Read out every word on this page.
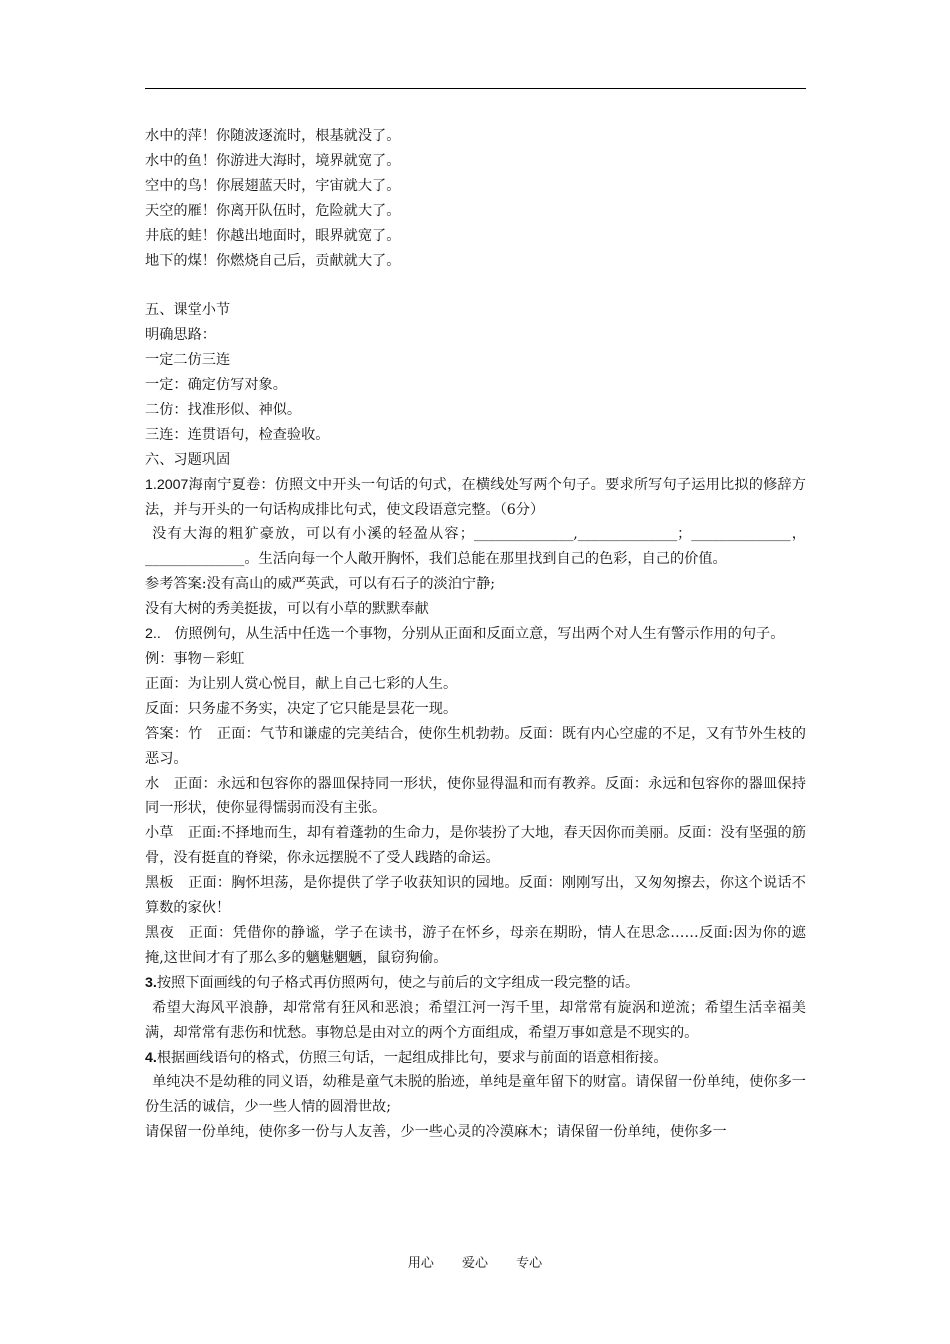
水中的萍！你随波逐流时，根基就没了。

水中的鱼！你游进大海时，境界就宽了。

空中的鸟！你展翅蓝天时，宇宙就大了。

天空的雁！你离开队伍时，危险就大了。

井底的蛙！你越出地面时，眼界就宽了。

地下的煤！你燃烧自己后，贡献就大了。

五、课堂小节

明确思路：

一定二仿三连

一定：确定仿写对象。

二仿：找准形似、神似。

三连：连贯语句，检查验收。

六、习题巩固

1.2007海南宁夏卷：仿照文中开头一句话的句式，在横线处写两个句子。要求所写句子运用比拟的修辞方法，并与开头的一句话构成排比句式，使文段语意完整。（6分）

没有大海的粗犷豪放，可以有小溪的轻盈从容；______________,______________；______________，______________。生活向每一个人敞开胸怀，我们总能在那里找到自己的色彩，自己的价值。

参考答案:没有高山的威严英武，可以有石子的淡泊宁静;

没有大树的秀美挺拔，可以有小草的默默奉献

2.. 仿照例句，从生活中任选一个事物，分别从正面和反面立意，写出两个对人生有警示作用的句子。

例：事物－彩虹

正面：为让别人赏心悦目，献上自己七彩的人生。

反面：只务虚不务实，决定了它只能是昙花一现。

答案：竹　正面：气节和谦虚的完美结合，使你生机勃勃。反面：既有内心空虚的不足，又有节外生枝的恶习。

水　正面：永远和包容你的器皿保持同一形状，使你显得温和而有教养。反面：永远和包容你的器皿保持同一形状，使你显得懦弱而没有主张。

小草　正面:不择地而生，却有着蓬勃的生命力，是你装扮了大地，春天因你而美丽。反面：没有坚强的筋骨，没有挺直的脊梁，你永远摆脱不了受人践踏的命运。

黑板　正面：胸怀坦荡，是你提供了学子收获知识的园地。反面：刚刚写出，又匆匆擦去，你这个说话不算数的家伙！

黑夜　正面：凭借你的静谧，学子在读书，游子在怀乡，母亲在期盼，情人在思念……反面:因为你的遮掩,这世间才有了那么多的魑魅魍魉，鼠窃狗偷。

3.按照下面画线的句子格式再仿照两句，使之与前后的文字组成一段完整的话。

希望大海风平浪静，却常常有狂风和恶浪；希望江河一泻千里，却常常有旋涡和逆流；希望生活幸福美满，却常常有悲伤和忧愁。事物总是由对立的两个方面组成，希望万事如意是不现实的。

4.根据画线语句的格式，仿照三句话，一起组成排比句，要求与前面的语意相衔接。

单纯决不是幼稚的同义语，幼稚是童气未脱的胎迹，单纯是童年留下的财富。请保留一份单纯，使你多一份生活的诚信，少一些人情的圆滑世故;

请保留一份单纯，使你多一份与人友善，少一些心灵的冷漠麻木；请保留一份单纯，使你多一

用心 爱心 专心
